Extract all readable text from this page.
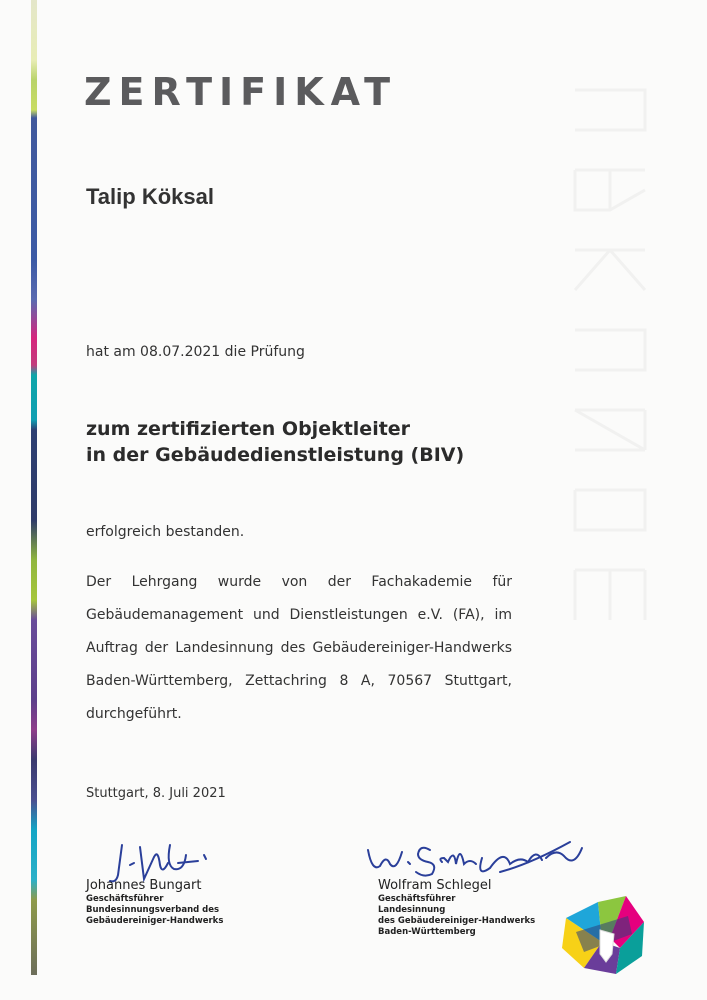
ZERTIFIKAT
Talip Köksal
hat am 08.07.2021 die Prüfung
zum zertifizierten Objektleiter
in der Gebäudedienstleistung (BIV)
erfolgreich bestanden.
Der Lehrgang wurde von der Fachakademie für Gebäudemanagement und Dienstleistungen e.V. (FA), im Auftrag der Landesinnung des Gebäudereiniger-Handwerks Baden-Württemberg, Zettachring 8 A, 70567 Stuttgart, durchgeführt.
Stuttgart, 8. Juli 2021
Johannes Bungart
Geschäftsführer
Bundesinnungsverband des
Gebäudereiniger-Handwerks
Wolfram Schlegel
Geschäftsführer
Landesinnung
des Gebäudereiniger-Handwerks
Baden-Württemberg
